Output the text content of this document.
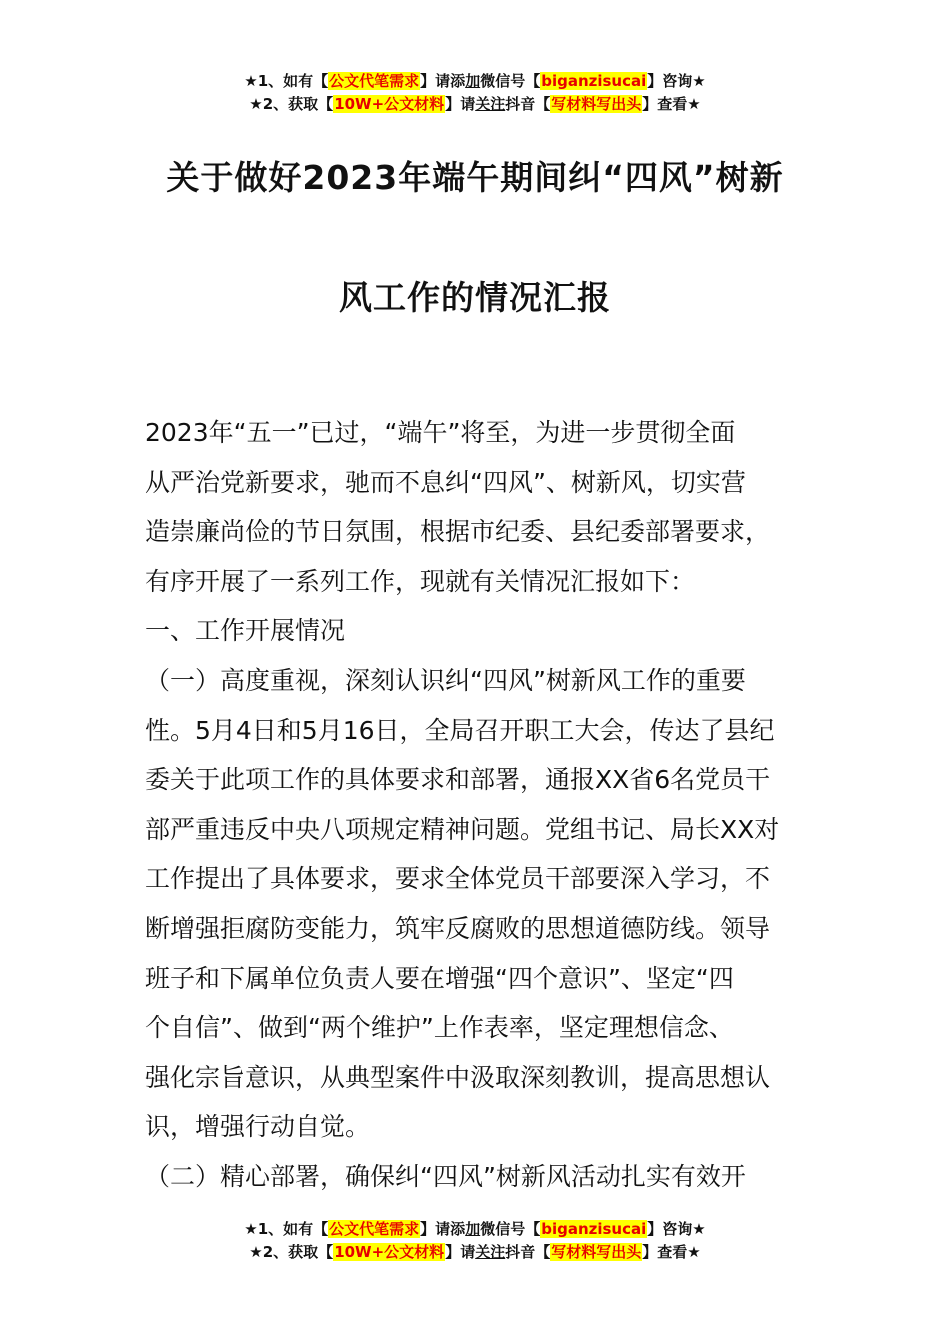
★1、如有【公文代笔需求】请添加微信号【biganzisucai】咨询★
★2、获取【10W+公文材料】请关注抖音【写材料写出头】查看★
关于做好2023年端午期间纠“四风”树新
风工作的情况汇报

2023年“五一”已过，“端午”将至，为进一步贯彻全面

从严治党新要求，驰而不息纠“四风”、树新风，切实营

造崇廉尚俭的节日氛围，根据市纪委、县纪委部署要求，

有序开展了一系列工作，现就有关情况汇报如下：

一、工作开展情况

（一）高度重视，深刻认识纠“四风”树新风工作的重要

性。5月4日和5月16日，全局召开职工大会，传达了县纪

委关于此项工作的具体要求和部署，通报XX省6名党员干

部严重违反中央八项规定精神问题。党组书记、局长XX对

工作提出了具体要求，要求全体党员干部要深入学习，不

断增强拒腐防变能力，筑牢反腐败的思想道德防线。领导

班子和下属单位负责人要在增强“四个意识”、坚定“四

个自信”、做到“两个维护”上作表率，坚定理想信念、

强化宗旨意识，从典型案件中汲取深刻教训，提高思想认

识，增强行动自觉。

（二）精心部署，确保纠“四风”树新风活动扎实有效开

★1、如有【公文代笔需求】请添加微信号【biganzisucai】咨询★
★2、获取【10W+公文材料】请关注抖音【写材料写出头】查看★
